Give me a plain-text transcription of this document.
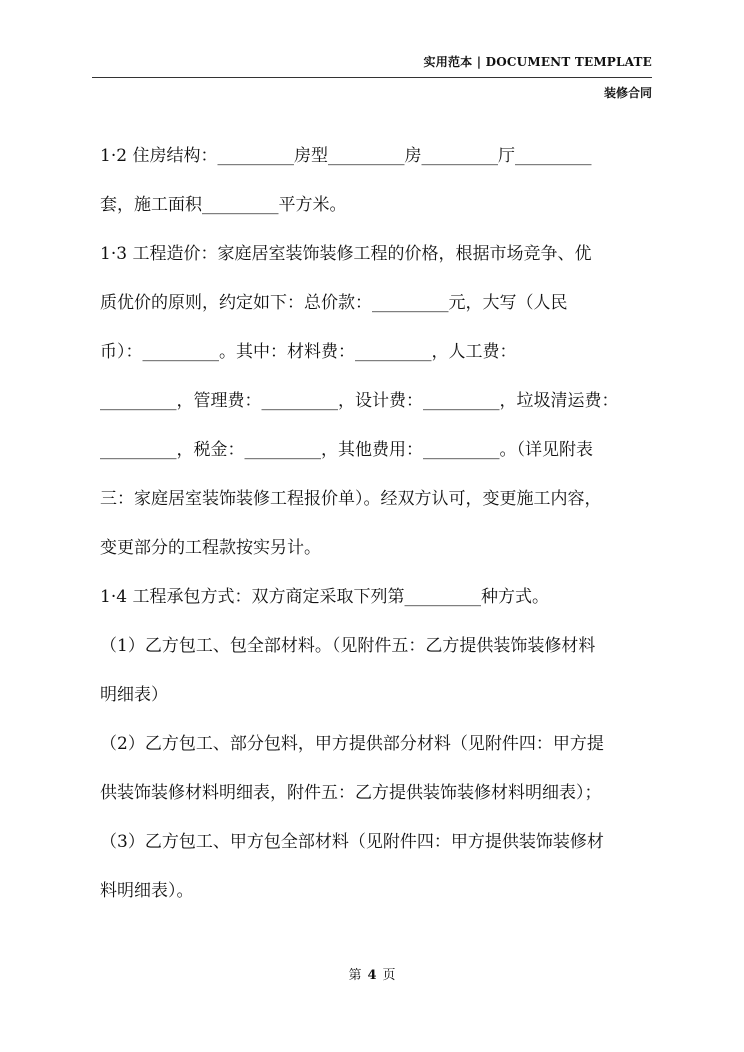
实用范本 | DOCUMENT TEMPLATE
装修合同
1·2 住房结构：_________房型_________房_________厅_________
套，施工面积_________平方米。
1·3 工程造价：家庭居室装饰装修工程的价格，根据市场竞争、优
质优价的原则，约定如下：总价款：_________元，大写（人民
币）：_________。其中：材料费：_________，人工费：
_________，管理费：_________，设计费：_________，垃圾清运费：
_________，税金：_________，其他费用：_________。（详见附表
三：家庭居室装饰装修工程报价单）。经双方认可，变更施工内容，
变更部分的工程款按实另计。
1·4 工程承包方式：双方商定采取下列第_________种方式。
（1）乙方包工、包全部材料。（见附件五：乙方提供装饰装修材料
明细表）
（2）乙方包工、部分包料，甲方提供部分材料（见附件四：甲方提
供装饰装修材料明细表，附件五：乙方提供装饰装修材料明细表）；
（3）乙方包工、甲方包全部材料（见附件四：甲方提供装饰装修材
料明细表）。
第 4 页
